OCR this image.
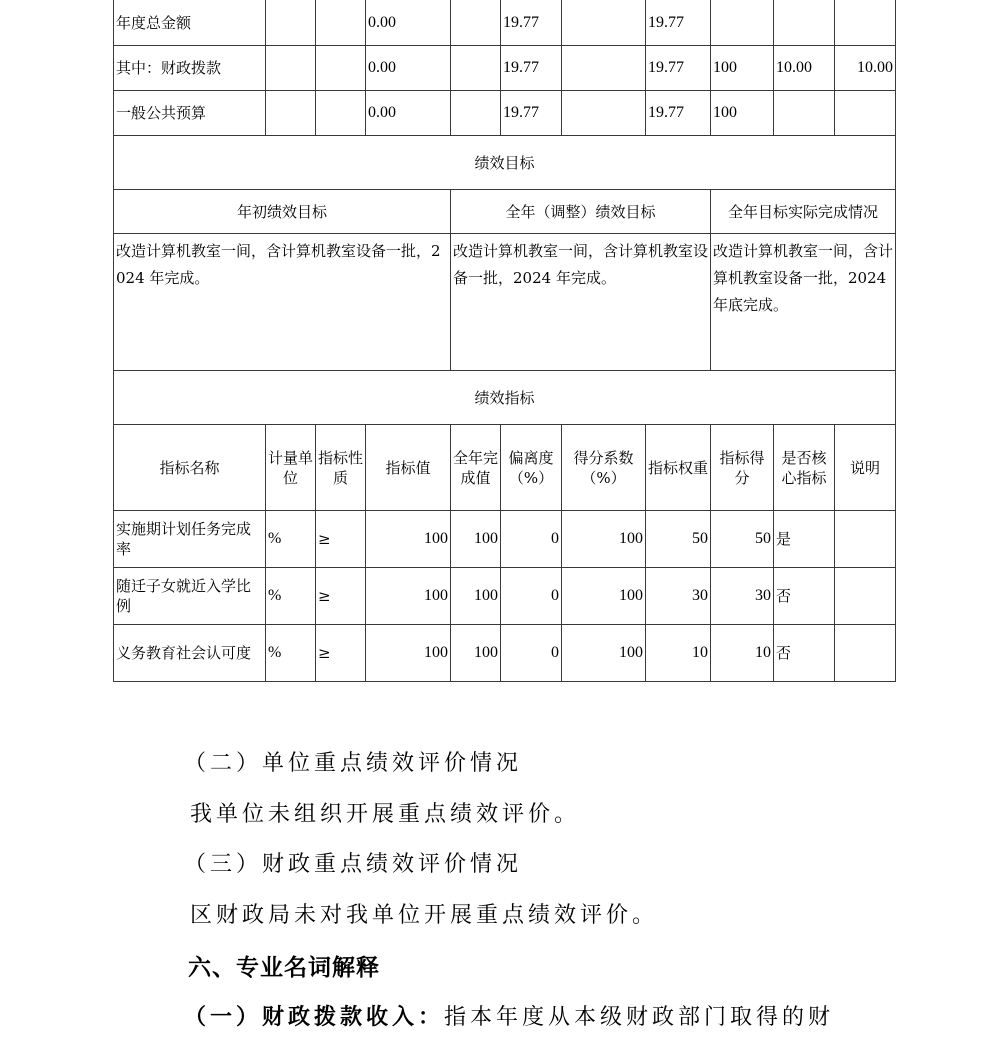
年度总金额			0.00		19.77		19.77			
其中：财政拨款			0.00		19.77		19.77	100	10.00	10.00
一般公共预算			0.00		19.77		19.77	100		
绩效目标										
年初绩效目标				全年（调整）绩效目标				全年目标实际完成情况		
改造计算机教室一间，含计算机教室设备一批，2024 年完成。				改造计算机教室一间，含计算机教室设备一批，2024 年完成。				改造计算机教室一间，含计算机教室设备一批，2024 年底完成。		
绩效指标										
指标名称	计量单位	指标性质	指标值	全年完成值	偏离度（%）	得分系数（%）	指标权重	指标得分	是否核心指标	说明
实施期计划任务完成率	%	≥	100	100	0	100	50	50	是	
随迁子女就近入学比例	%	≥	100	100	0	100	30	30	否	
义务教育社会认可度	%	≥	100	100	0	100	10	10	否	
（二）单位重点绩效评价情况
我单位未组织开展重点绩效评价。
（三）财政重点绩效评价情况
区财政局未对我单位开展重点绩效评价。
六、专业名词解释
（一）财政拨款收入：指本年度从本级财政部门取得的财
